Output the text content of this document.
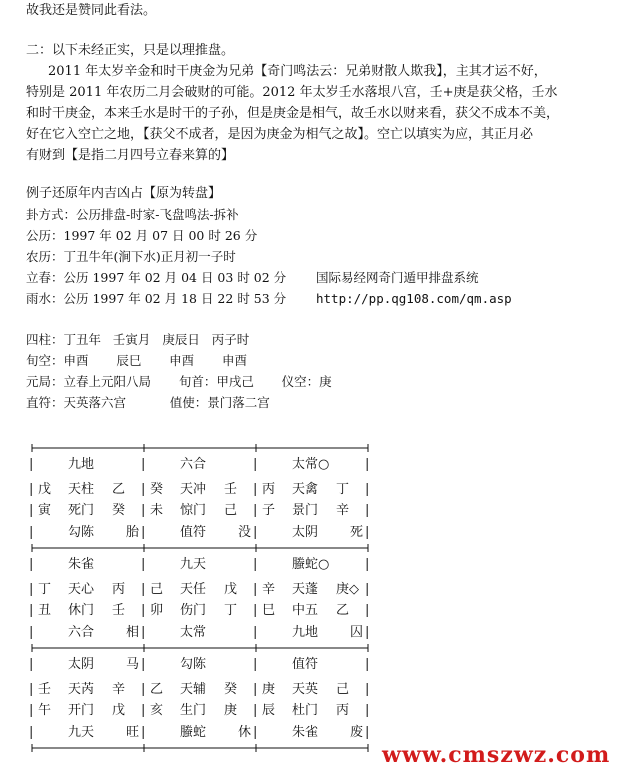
故我还是赞同此看法。
二：以下未经正实，只是以理推盘。
2011 年太岁辛金和时干庚金为兄弟【奇门鸣法云：兄弟财散人欺我】，主其才运不好，
特别是 2011 年农历二月会破财的可能。2012 年太岁壬水落垠八宫，壬+庚是获父格，壬水
和时干庚金，本来壬水是时干的子孙，但是庚金是相气，故壬水以财来看，获父不成本不美，
好在它入空亡之地，【获父不成者，是因为庚金为相气之故】。空亡以填实为应，其正月必
有财到【是指二月四号立春来算的】
例子还原年内吉凶占【原为转盘】
卦方式：公历排盘-时家-飞盘鸣法-拆补
公历：1997 年 02 月 07 日 00 时 26 分
农历：丁丑牛年(涧下水)正月初一子时
立春：公历 1997 年 02 月 04 日 03 时 02 分 国际易经网奇门遁甲排盘系统
雨水：公历 1997 年 02 月 18 日 22 时 53 分 http://pp.qg108.com/qm.asp
四柱：丁丑年   壬寅月   庚辰日   丙子时
旬空：申酉       辰巳       申酉       申酉
元局：立春上元阳八局       旬首：甲戌己       仪空：庚
直符：天英落六宫           值使：景门落二宫
九地
戊
寅
天柱 乙
死门 癸
勾陈 胎
|
|
|
|
六合
癸
未
天冲 壬
惊门 己
值符 没
|
|
|
|
太常○
丙
子
天禽 丁
景门 辛
太阴 死
|
|
|
|
|
|
|
|
朱雀
丁
丑
天心 丙
休门 壬
六合 相
|
|
|
|
九天
己
卯
天任 戊
伤门 丁
太常
|
|
|
|
螣蛇○
辛
巳
天蓬 庚◇
中五 乙
九地 囚
|
|
|
|
|
|
|
|
太阴 马
壬
午
天芮 辛
开门 戊
九天 旺
|
|
|
|
勾陈
乙
亥
天辅 癸
生门 庚
螣蛇 休
|
|
|
|
值符
庚
辰
天英 己
杜门 丙
朱雀 废
|
|
|
|
|
|
|
|
www.cmszwz.com
